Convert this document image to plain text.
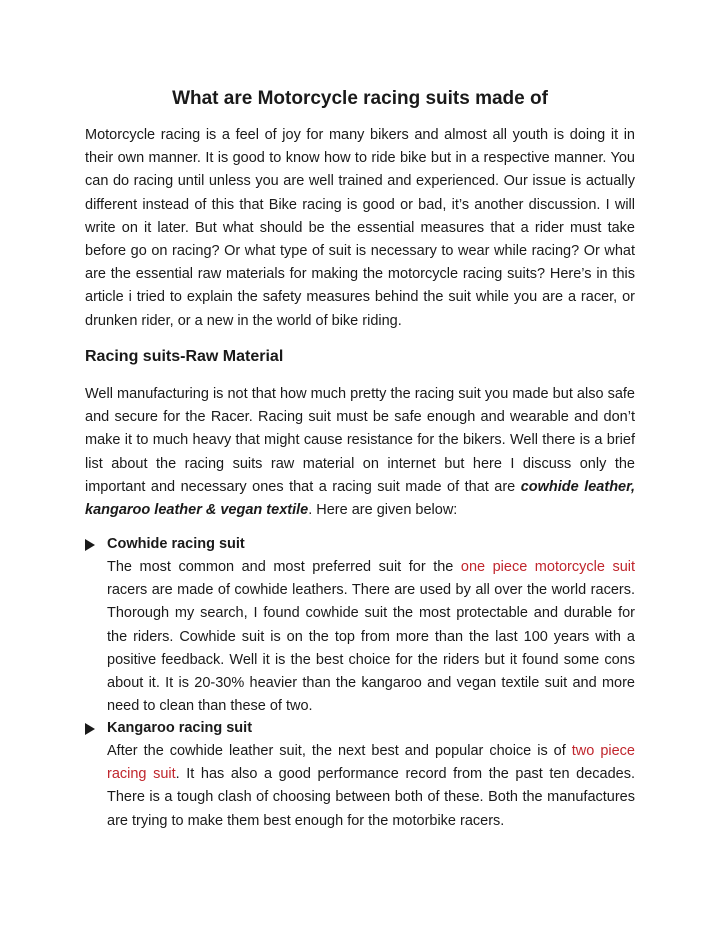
What are Motorcycle racing suits made of
Motorcycle racing is a feel of joy for many bikers and almost all youth is doing it in their own manner. It is good to know how to ride bike but in a respective manner. You can do racing until unless you are well trained and experienced. Our issue is actually different instead of this that Bike racing is good or bad, it’s another discussion. I will write on it later. But what should be the essential measures that a rider must take before go on racing? Or what type of suit is necessary to wear while racing? Or what are the essential raw materials for making the motorcycle racing suits? Here’s in this article i tried to explain the safety measures behind the suit while you are a racer, or drunken rider, or a new in the world of bike riding.
Racing suits-Raw Material
Well manufacturing is not that how much pretty the racing suit you made but also safe and secure for the Racer. Racing suit must be safe enough and wearable and don’t make it to much heavy that might cause resistance for the bikers. Well there is a brief list about the racing suits raw material on internet but here I discuss only the important and necessary ones that a racing suit made of that are cowhide leather, kangaroo leather & vegan textile. Here are given below:
Cowhide racing suit
The most common and most preferred suit for the one piece motorcycle suit racers are made of cowhide leathers. There are used by all over the world racers. Thorough my search, I found cowhide suit the most protectable and durable for the riders. Cowhide suit is on the top from more than the last 100 years with a positive feedback. Well it is the best choice for the riders but it found some cons about it. It is 20-30% heavier than the kangaroo and vegan textile suit and more need to clean than these of two.
Kangaroo racing suit
After the cowhide leather suit, the next best and popular choice is of two piece racing suit. It has also a good performance record from the past ten decades. There is a tough clash of choosing between both of these. Both the manufactures are trying to make them best enough for the motorbike racers.
